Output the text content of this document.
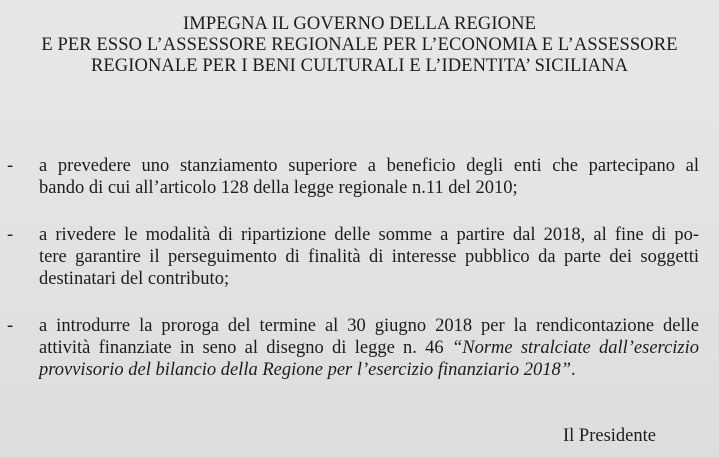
IMPEGNA IL GOVERNO DELLA REGIONE
E PER ESSO L’ASSESSORE REGIONALE PER L’ECONOMIA E L’ASSESSORE
REGIONALE PER I BENI CULTURALI E L’IDENTITA’ SICILIANA
- a prevedere uno stanziamento superiore a beneficio degli enti che partecipano al
bando di cui all’articolo 128 della legge regionale n.11 del 2010;
- a rivedere le modalità di ripartizione delle somme a partire dal 2018, al fine di po-
tere garantire il perseguimento di finalità di interesse pubblico da parte dei soggetti
destinatari del contributo;
- a introdurre la proroga del termine al 30 giugno 2018 per la rendicontazione delle
attività finanziate in seno al disegno di legge n. 46 “Norme stralciate dall’esercizio
provvisorio del bilancio della Regione per l’esercizio finanziario 2018”.
Il Presidente
